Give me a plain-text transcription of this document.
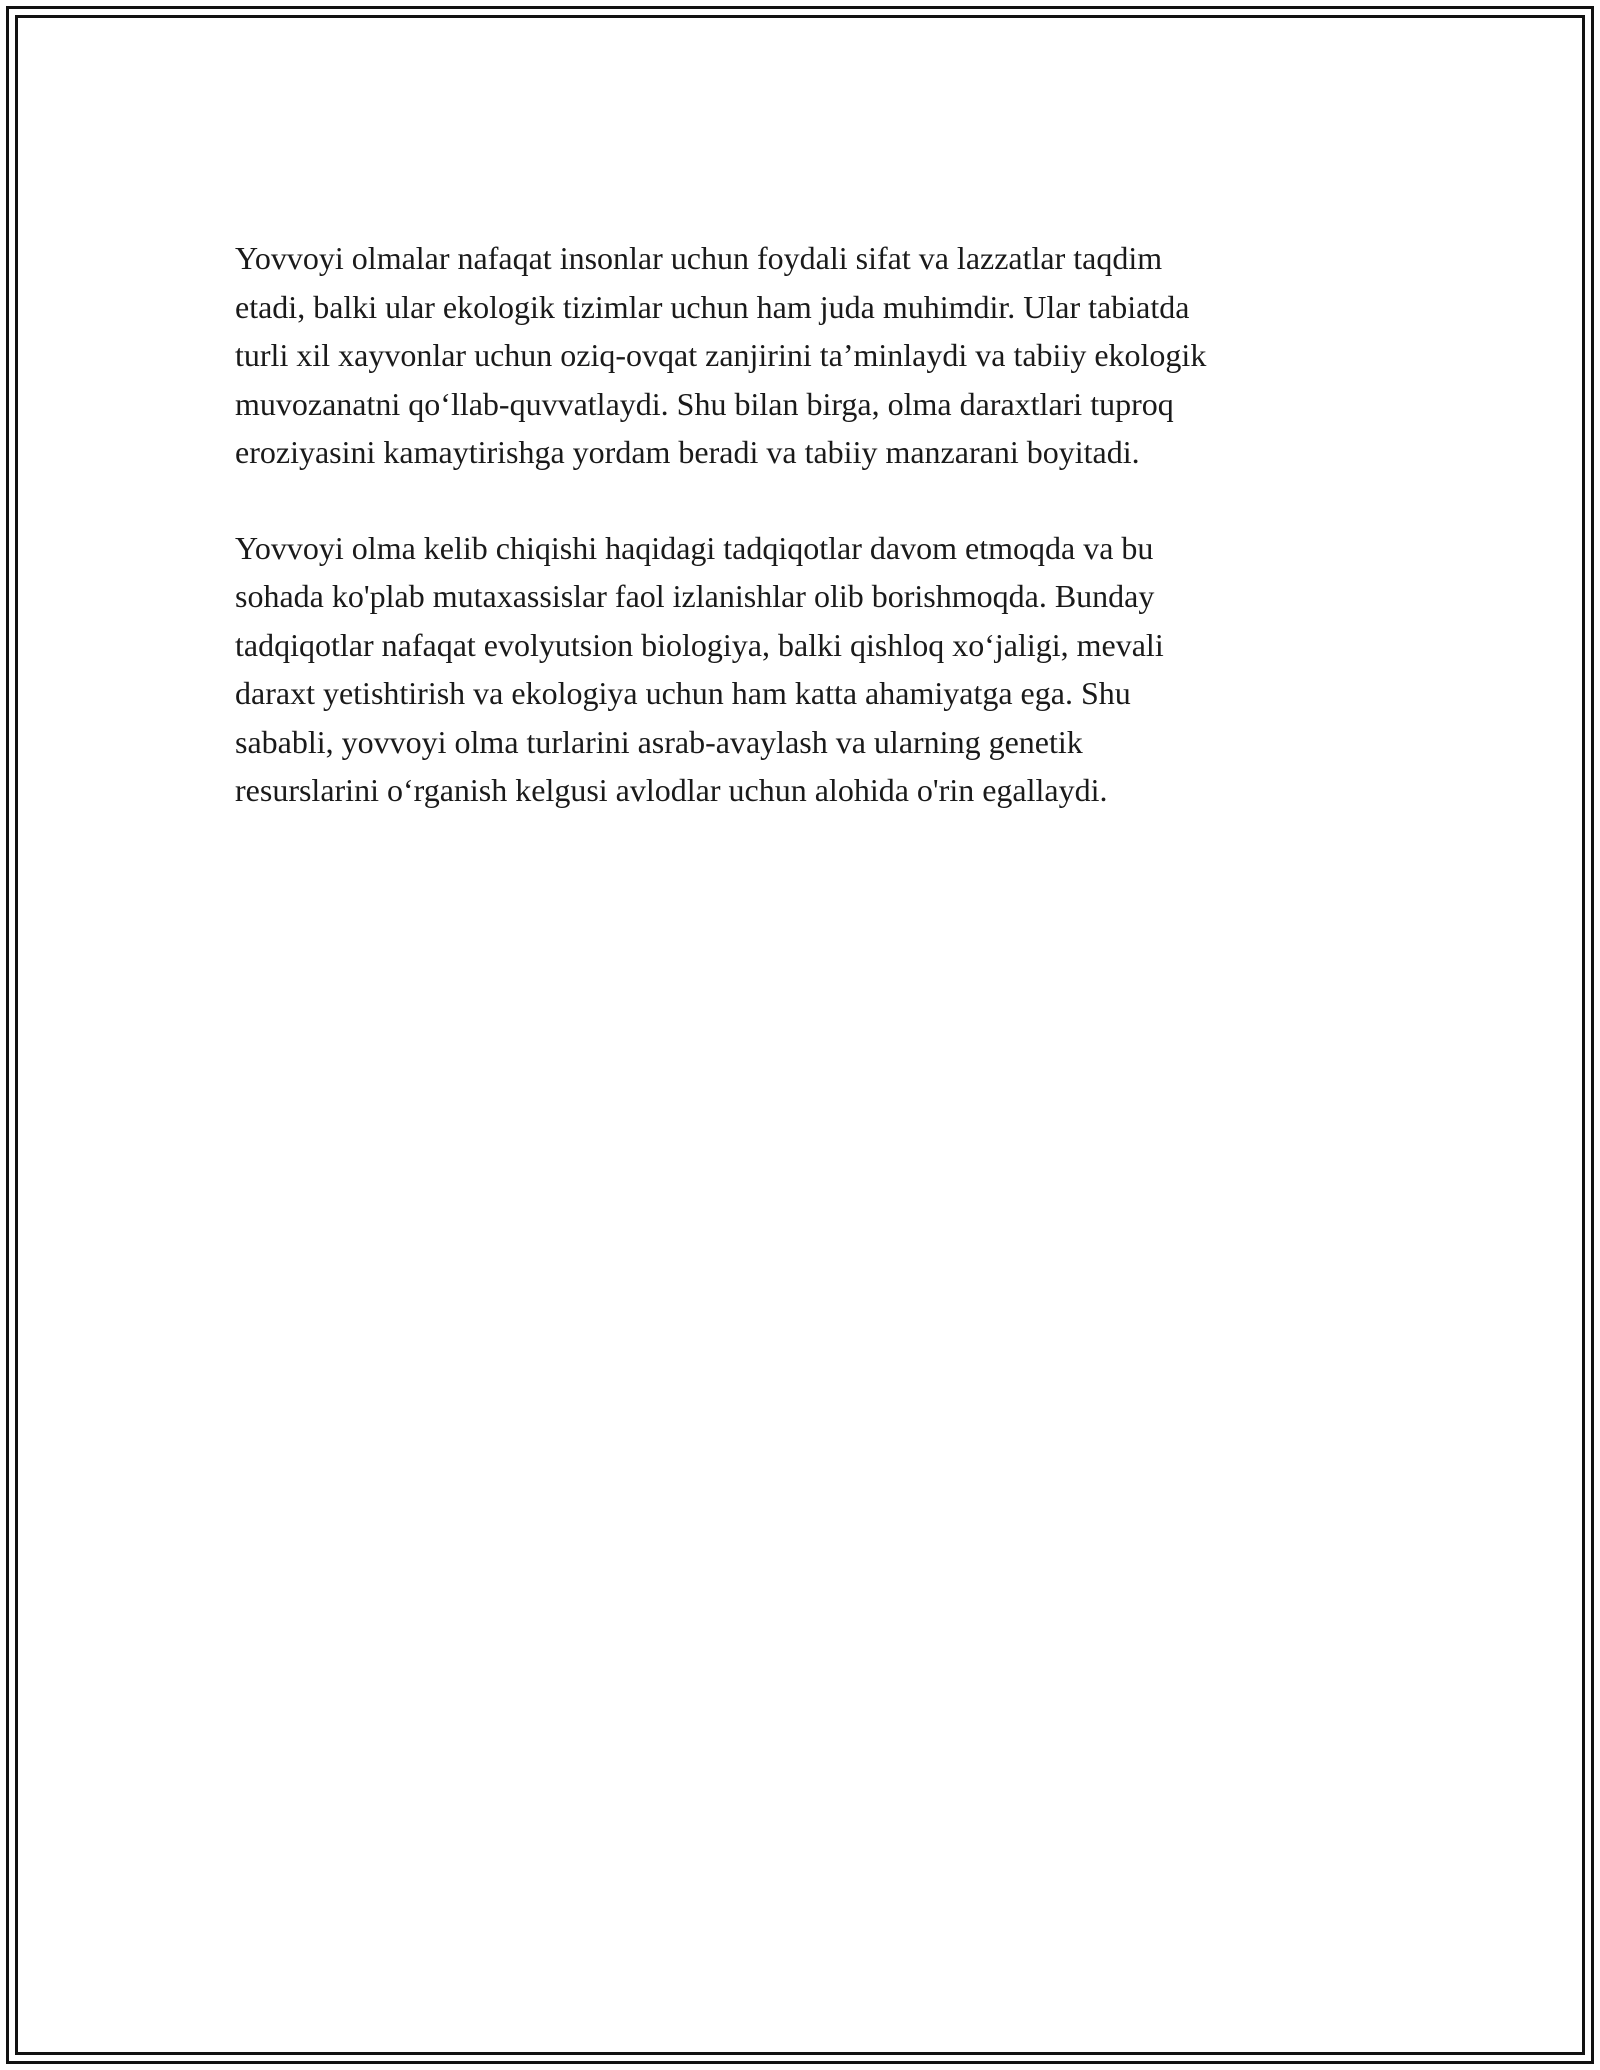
Yovvoyi olmalar nafaqat insonlar uchun foydali sifat va lazzatlar taqdim
etadi, balki ular ekologik tizimlar uchun ham juda muhimdir. Ular tabiatda
turli xil xayvonlar uchun oziq-ovqat zanjirini ta’minlaydi va tabiiy ekologik
muvozanatni qo‘llab-quvvatlaydi. Shu bilan birga, olma daraxtlari tuproq
eroziyasini kamaytirishga yordam beradi va tabiiy manzarani boyitadi.

Yovvoyi olma kelib chiqishi haqidagi tadqiqotlar davom etmoqda va bu
sohada ko'plab mutaxassislar faol izlanishlar olib borishmoqda. Bunday
tadqiqotlar nafaqat evolyutsion biologiya, balki qishloq xo‘jaligi, mevali
daraxt yetishtirish va ekologiya uchun ham katta ahamiyatga ega. Shu
sababli, yovvoyi olma turlarini asrab-avaylash va ularning genetik
resurslarini o‘rganish kelgusi avlodlar uchun alohida o'rin egallaydi.
